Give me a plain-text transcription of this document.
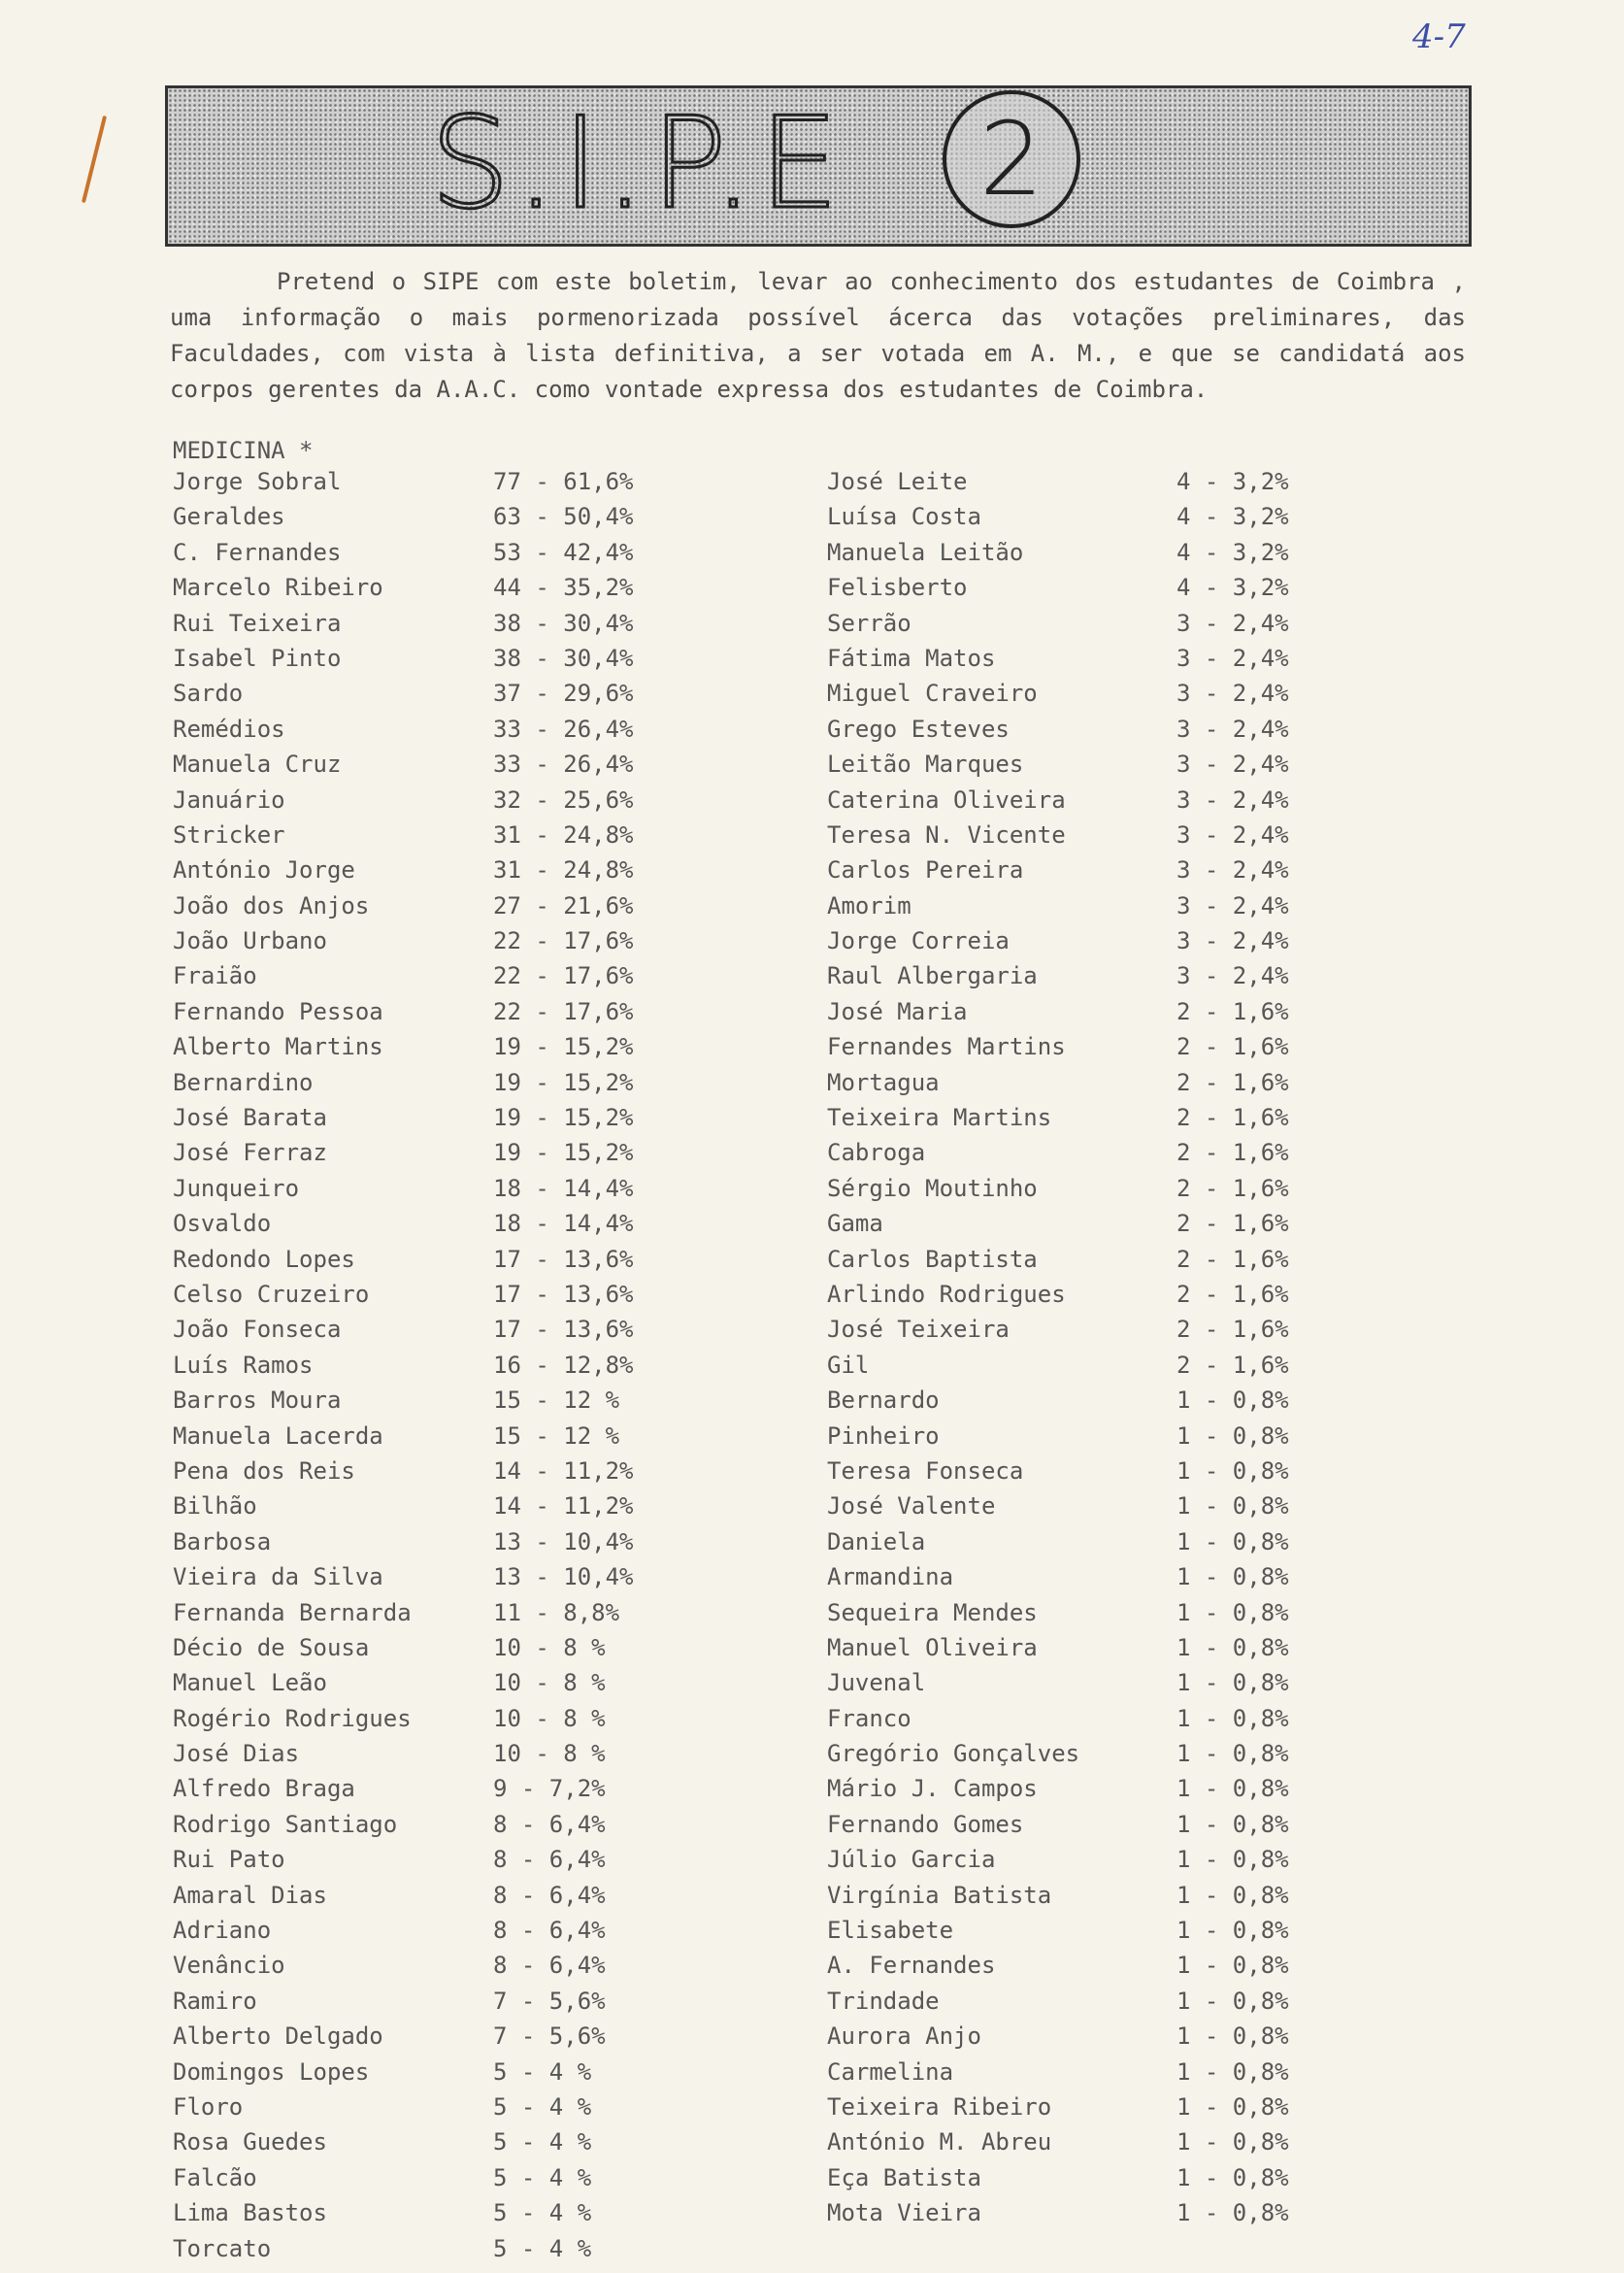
4-7
S.I.P.E	2

Pretend o SIPE com este boletim, levar ao conhecimento dos estudantes de Coimbra , uma informação o mais pormenorizada possível ácerca das votações preliminares, das Faculdades, com vista à lista definitiva, a ser votada em A. M., e que se candidatá aos corpos gerentes da A.A.C. como vontade expressa dos estudantes de Coimbra.

MEDICINA *
Jorge Sobral	77 - 61,6%
Geraldes	63 - 50,4%
C. Fernandes	53 - 42,4%
Marcelo Ribeiro	44 - 35,2%
Rui Teixeira	38 - 30,4%
Isabel Pinto	38 - 30,4%
Sardo	37 - 29,6%
Remédios	33 - 26,4%
Manuela Cruz	33 - 26,4%
Januário	32 - 25,6%
Stricker	31 - 24,8%
António Jorge	31 - 24,8%
João dos Anjos	27 - 21,6%
João Urbano	22 - 17,6%
Fraião	22 - 17,6%
Fernando Pessoa	22 - 17,6%
Alberto Martins	19 - 15,2%
Bernardino	19 - 15,2%
José Barata	19 - 15,2%
José Ferraz	19 - 15,2%
Junqueiro	18 - 14,4%
Osvaldo	18 - 14,4%
Redondo Lopes	17 - 13,6%
Celso Cruzeiro	17 - 13,6%
João Fonseca	17 - 13,6%
Luís Ramos	16 - 12,8%
Barros Moura	15 - 12 %
Manuela Lacerda	15 - 12 %
Pena dos Reis	14 - 11,2%
Bilhão	14 - 11,2%
Barbosa	13 - 10,4%
Vieira da Silva	13 - 10,4%
Fernanda Bernarda	11 - 8,8%
Décio de Sousa	10 - 8 %
Manuel Leão	10 - 8 %
Rogério Rodrigues	10 - 8 %
José Dias	10 - 8 %
Alfredo Braga	9 - 7,2%
Rodrigo Santiago	8 - 6,4%
Rui Pato	8 - 6,4%
Amaral Dias	8 - 6,4%
Adriano	8 - 6,4%
Venâncio	8 - 6,4%
Ramiro	7 - 5,6%
Alberto Delgado	7 - 5,6%
Domingos Lopes	5 - 4 %
Floro	5 - 4 %
Rosa Guedes	5 - 4 %
Falcão	5 - 4 %
Lima Bastos	5 - 4 %
Torcato	5 - 4 %
José Leite	4 - 3,2%
Luísa Costa	4 - 3,2%
Manuela Leitão	4 - 3,2%
Felisberto	4 - 3,2%
Serrão	3 - 2,4%
Fátima Matos	3 - 2,4%
Miguel Craveiro	3 - 2,4%
Grego Esteves	3 - 2,4%
Leitão Marques	3 - 2,4%
Caterina Oliveira	3 - 2,4%
Teresa N. Vicente	3 - 2,4%
Carlos Pereira	3 - 2,4%
Amorim	3 - 2,4%
Jorge Correia	3 - 2,4%
Raul Albergaria	3 - 2,4%
José Maria	2 - 1,6%
Fernandes Martins	2 - 1,6%
Mortagua	2 - 1,6%
Teixeira Martins	2 - 1,6%
Cabroga	2 - 1,6%
Sérgio Moutinho	2 - 1,6%
Gama	2 - 1,6%
Carlos Baptista	2 - 1,6%
Arlindo Rodrigues	2 - 1,6%
José Teixeira	2 - 1,6%
Gil	2 - 1,6%
Bernardo	1 - 0,8%
Pinheiro	1 - 0,8%
Teresa Fonseca	1 - 0,8%
José Valente	1 - 0,8%
Daniela	1 - 0,8%
Armandina	1 - 0,8%
Sequeira Mendes	1 - 0,8%
Manuel Oliveira	1 - 0,8%
Juvenal	1 - 0,8%
Franco	1 - 0,8%
Gregório Gonçalves	1 - 0,8%
Mário J. Campos	1 - 0,8%
Fernando Gomes	1 - 0,8%
Júlio Garcia	1 - 0,8%
Virgínia Batista	1 - 0,8%
Elisabete	1 - 0,8%
A. Fernandes	1 - 0,8%
Trindade	1 - 0,8%
Aurora Anjo	1 - 0,8%
Carmelina	1 - 0,8%
Teixeira Ribeiro	1 - 0,8%
António M. Abreu	1 - 0,8%
Eça Batista	1 - 0,8%
Mota Vieira	1 - 0,8%
